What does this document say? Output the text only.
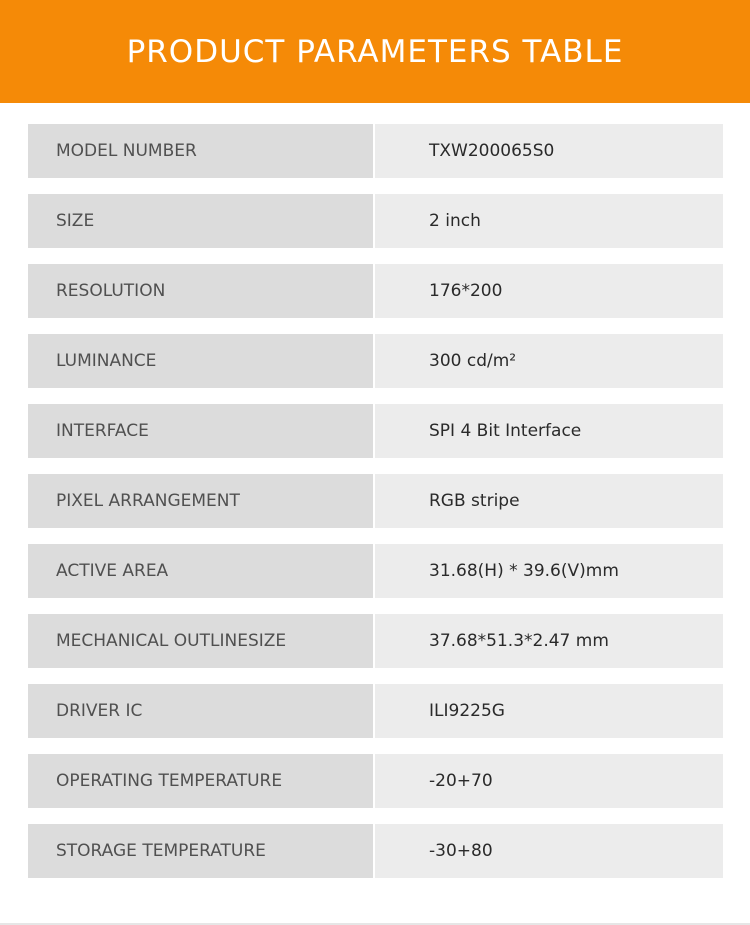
PRODUCT PARAMETERS TABLE
MODEL NUMBER	TXW200065S0
SIZE	2 inch
RESOLUTION	176*200
LUMINANCE	300 cd/m²
INTERFACE	SPI 4 Bit Interface
PIXEL ARRANGEMENT	RGB stripe
ACTIVE AREA	31.68(H) * 39.6(V)mm
MECHANICAL OUTLINESIZE	37.68*51.3*2.47 mm
DRIVER IC	ILI9225G
OPERATING TEMPERATURE	-20+70
STORAGE TEMPERATURE	-30+80
